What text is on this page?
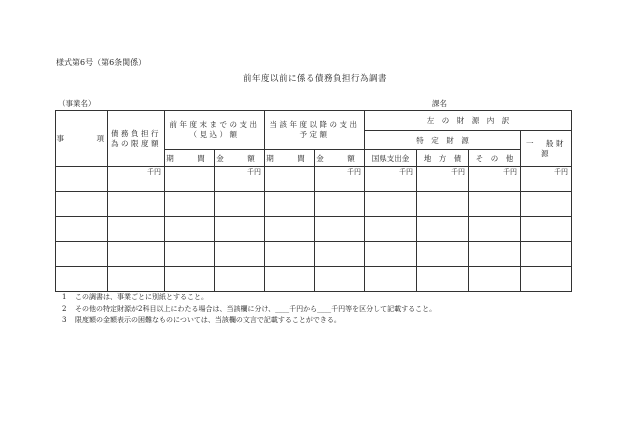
様式第6号（第6条関係）
前年度以前に係る債務負担行為調書
（事業名）	課名
事　　　項	債務負担行為の限度額	前年度末までの支出（見込）額		当該年度以降の支出予定額		左　の　財　源　内　訳			
						特　定　財　源			一　般財　源
		期　間	金　額	期　間	金　額	国県支出金	地　方　債	そ　の　他	
	千円		千円		千円	千円	千円	千円	千円

1 この調書は、事業ごとに別紙とすること。
2 その他の特定財源が2科目以上にわたる場合は、当該欄に分け、____千円から____千円等を区分して記載すること。
3 限度額の金額表示の困難なものについては、当該欄の文言で記載することができる。
